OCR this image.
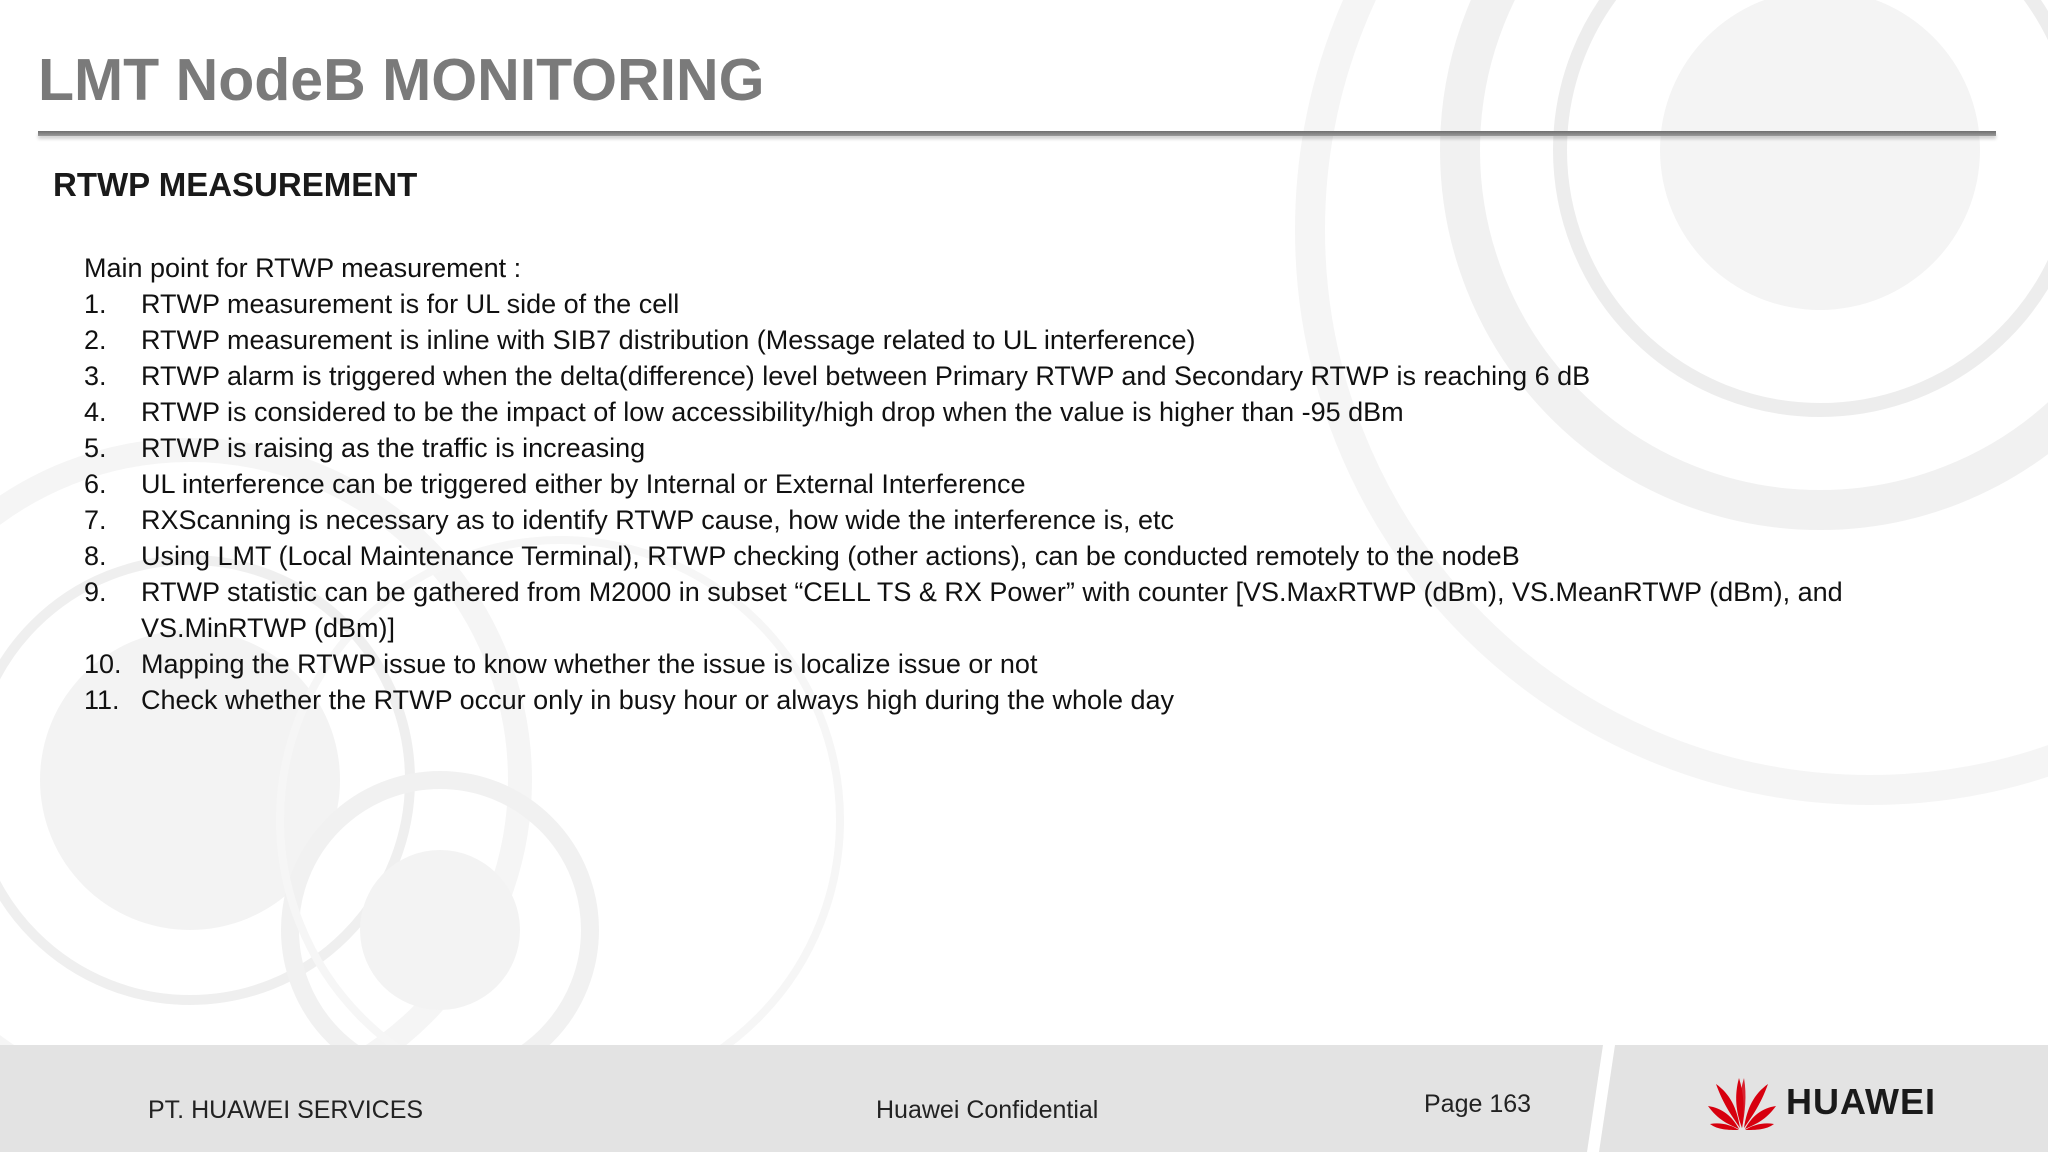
LMT NodeB MONITORING
RTWP MEASUREMENT

Main point for RTWP measurement :

1. RTWP measurement is for UL side of the cell
2. RTWP measurement is inline with SIB7 distribution (Message related to UL interference)
3. RTWP alarm is triggered when the delta(difference) level between Primary RTWP and Secondary RTWP is reaching 6 dB
4. RTWP is considered to be the impact of low accessibility/high drop when the value is higher than -95 dBm
5. RTWP is raising as the traffic is increasing
6. UL interference can be triggered either by Internal or External Interference
7. RXScanning is necessary as to identify RTWP cause, how wide the interference is, etc
8. Using LMT (Local Maintenance Terminal), RTWP checking (other actions), can be conducted remotely to the nodeB
9. RTWP statistic can be gathered from M2000 in subset “CELL TS & RX Power” with counter [VS.MaxRTWP (dBm), VS.MeanRTWP (dBm), and VS.MinRTWP (dBm)]
10. Mapping the RTWP issue to know whether the issue is localize issue or not
11. Check whether the RTWP occur only in busy hour or always high during the whole day
PT. HUAWEI SERVICES	Huawei Confidential	Page 163	HUAWEI
